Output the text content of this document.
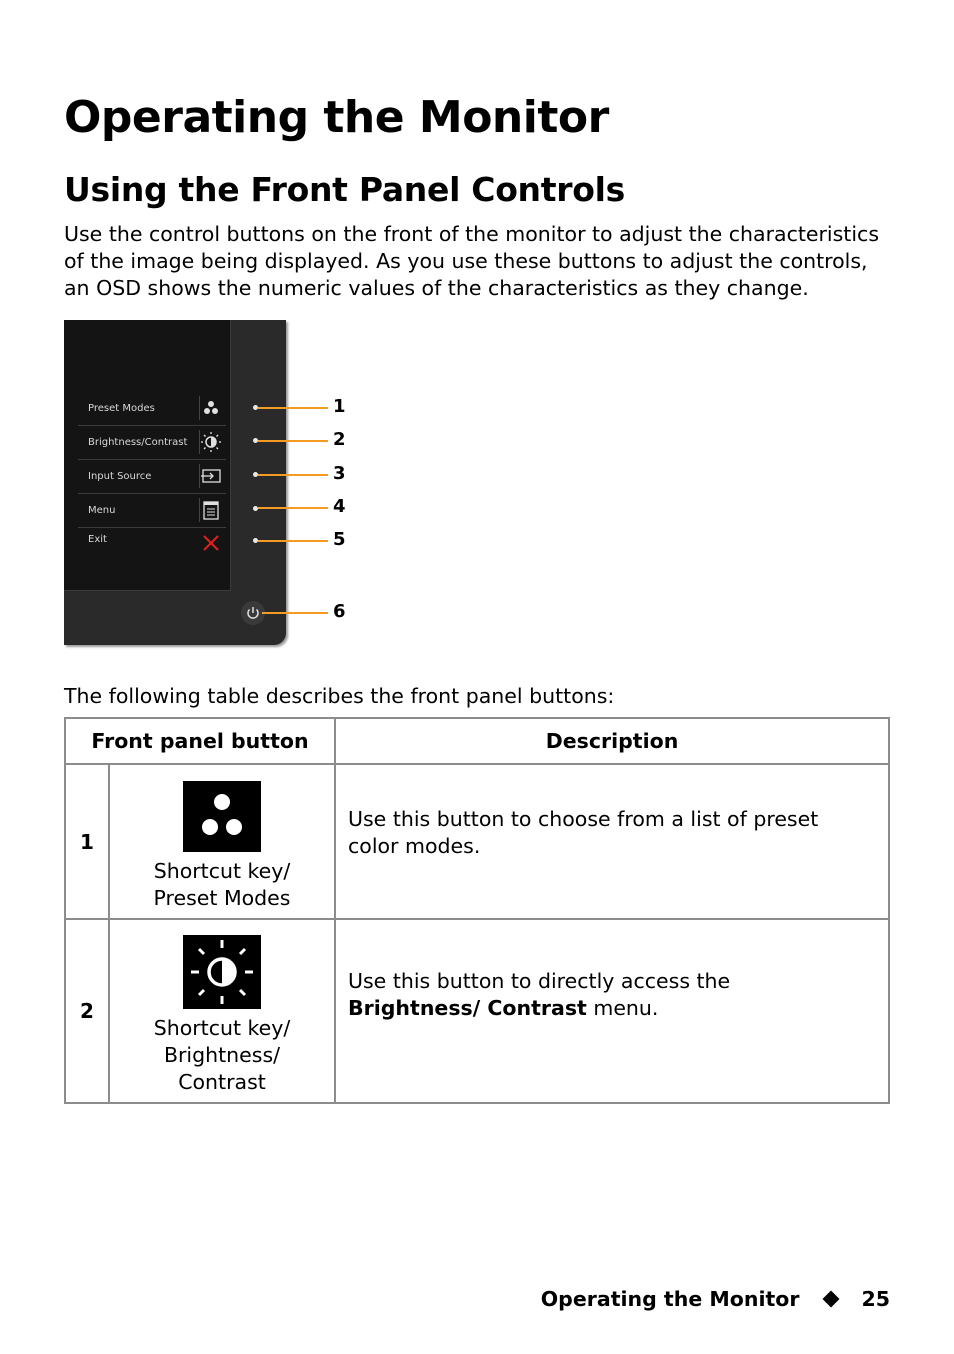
Operating the Monitor
Using the Front Panel Controls

Use the control buttons on the front of the monitor to adjust the characteristics of the image being displayed. As you use these buttons to adjust the controls, an OSD shows the numeric values of the characteristics as they change.

Preset Modes
Brightness/Contrast
Input Source
Menu
Exit
1
2
3
4
5
6

The following table describes the front panel buttons:

Front panel button		Description
1	Shortcut key/
Preset Modes	Use this button to choose from a list of preset color modes.

2	Shortcut key/
Brightness/
Contrast	Use this button to directly access the Brightness/ Contrast menu.
Operating the Monitor	25
